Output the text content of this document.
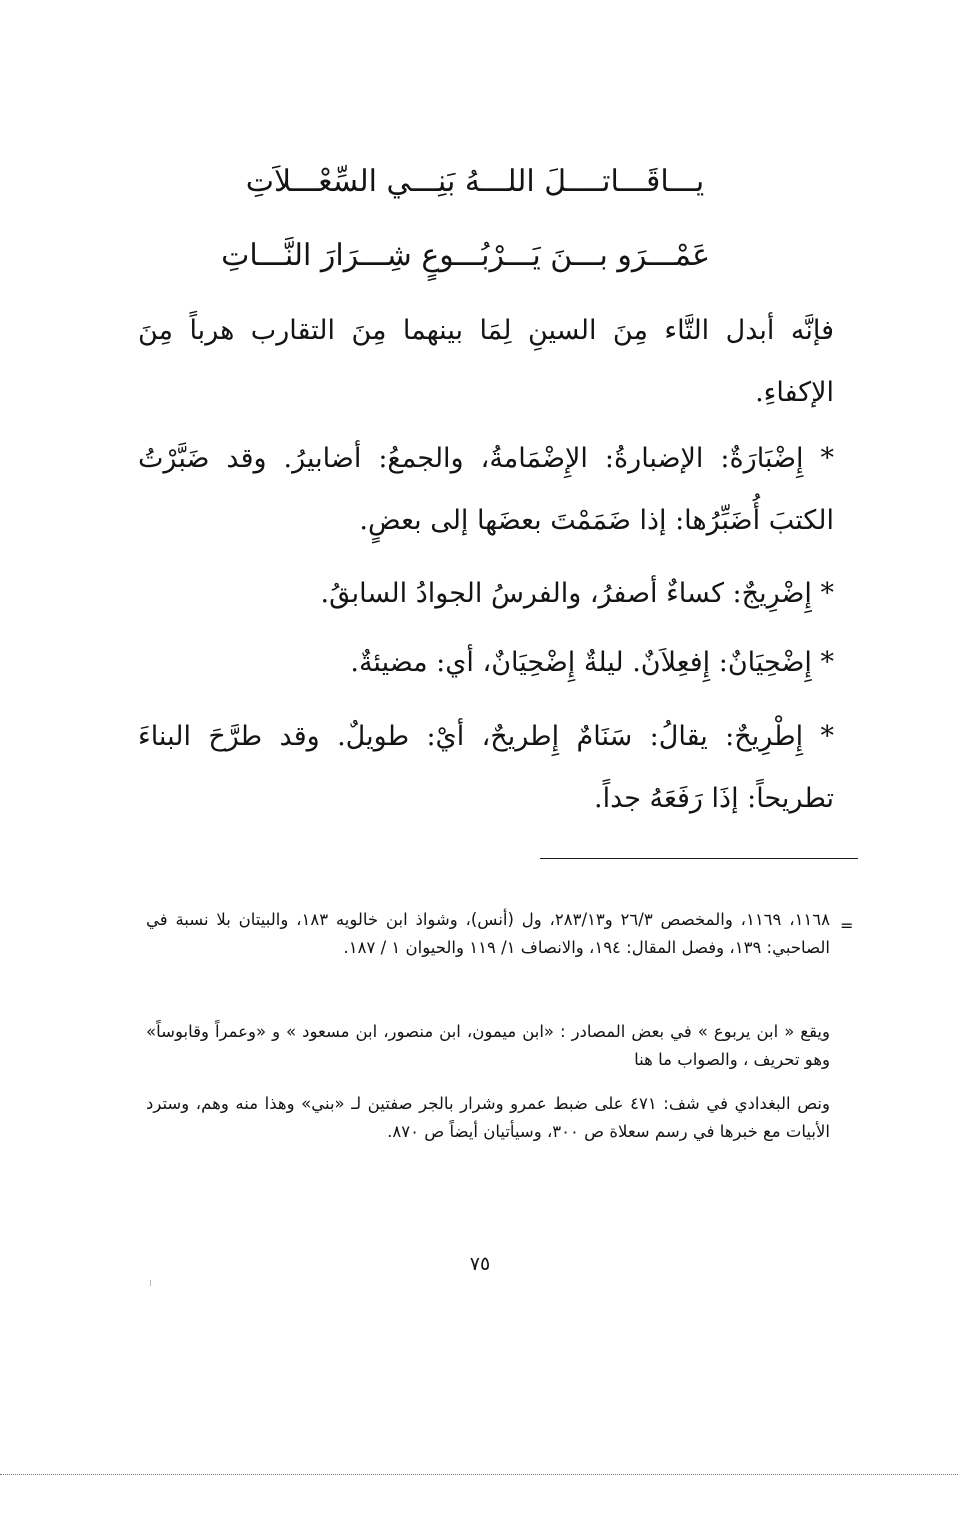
يـــاقَـــاتــــلَ اللـــهُ بَنِـــي السِّعْـــلاَتِ
عَمْـــرَو بـــنَ يَـــرْبُـــوعٍ شِـــرَارَ النَّـــاتِ

فإنَّه أبدل التَّاء مِنَ السينِ لِمَا بينهما مِنَ التقارب هرباً مِنَ الإكفاءِ.

* إِضْبَارَةٌ: الإضبارةُ: الإِضْمَامةُ، والجمعُ: أضابيرُ. وقد ضَبَّرْتُ الكتبَ أُضَبِّرُها: إذا ضَمَمْتَ بعضَها إلى بعضٍ.

* إِضْرِيجٌ: كساءٌ أصفرُ، والفرسُ الجوادُ السابقُ.

* إِضْحِيَانٌ: إِفعِلاَنٌ. ليلةٌ إِضْحِيَانٌ، أي: مضيئةٌ.

* إِطْرِيحٌ: يقالُ: سَنَامٌ إِطريحٌ، أيْ: طويلٌ. وقد طرَّحَ البناءَ تطريحاً: إذَا رَفَعَهُ جداً.

=

١١٦٨، ١١٦٩، والمخصص ٢٦/٣ و٢٨٣/١٣، ول (أنس)، وشواذ ابن خالويه ١٨٣، والبيتان بلا نسبة في الصاحبي: ١٣٩، وفصل المقال: ١٩٤، والانصاف ١/ ١١٩ والحيوان ١ / ١٨٧.

ويقع « ابن يربوع » في بعض المصادر : «ابن ميمون، ابن منصور، ابن مسعود » و «وعمراً وقابوساً» وهو تحريف ، والصواب ما هنا

ونص البغدادي في شف: ٤٧١ على ضبط عمرو وشرار بالجر صفتين لـ «بني» وهذا منه وهم، وسترد الأبيات مع خبرها في رسم سعلاة ص ٣٠٠، وسيأتيان أيضاً ص ٨٧٠.

٧٥
